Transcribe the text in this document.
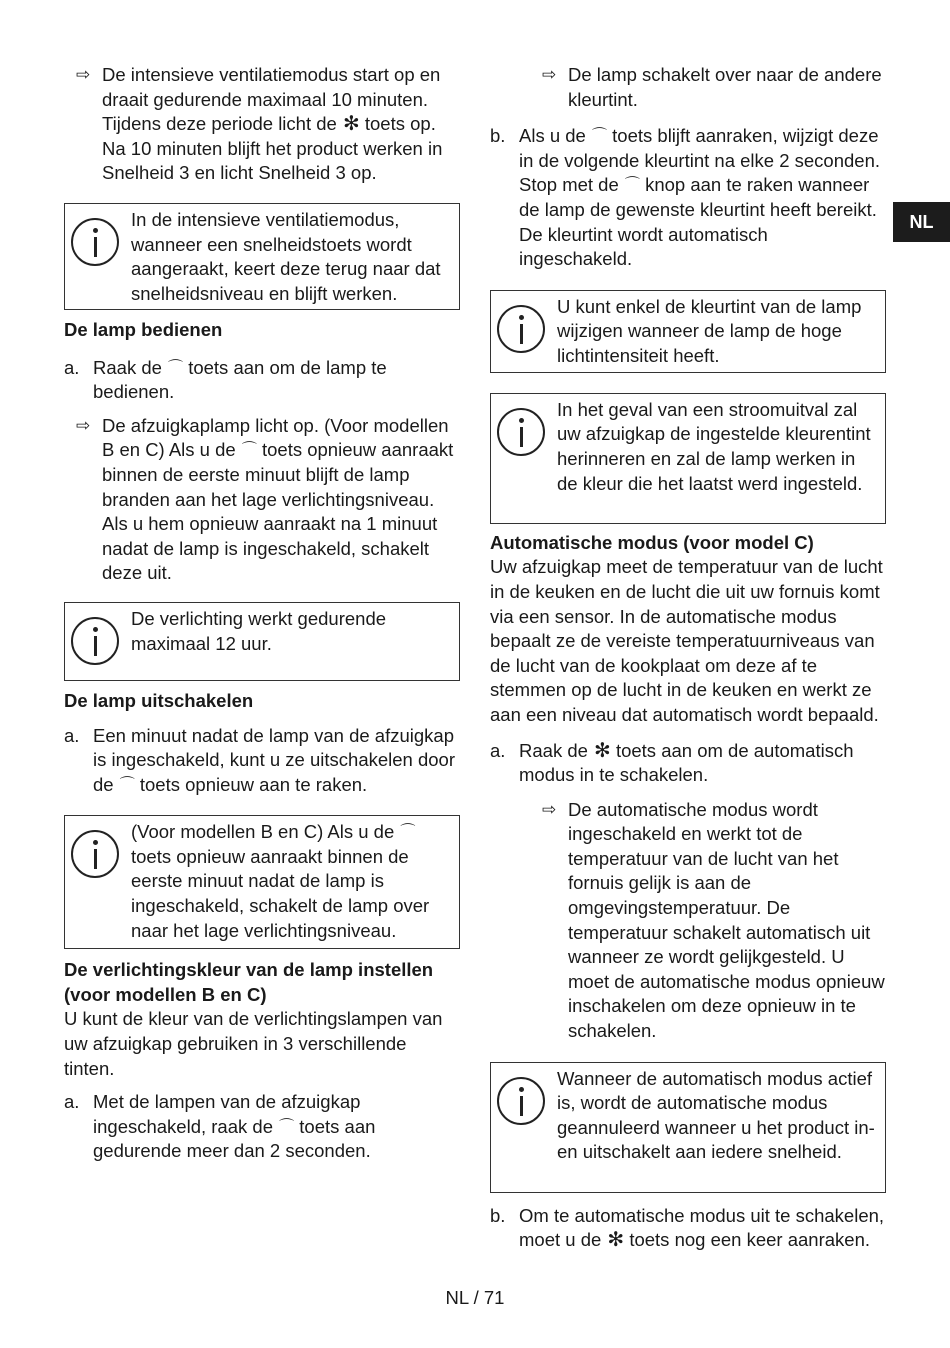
⇨ De intensieve ventilatiemodus start op en draait gedurende maximaal 10 minuten. Tijdens deze periode licht de ✻ toets op. Na 10 minuten blijft het product werken in Snelheid 3 en licht Snelheid 3 op.

In de intensieve ventilatiemodus, wanneer een snelheidstoets wordt aangeraakt, keert deze terug naar dat snelheidsniveau en blijft werken.

De lamp bedienen

a. Raak de ⌒ toets aan om de lamp te bedienen.

⇨ De afzuigkaplamp licht op. (Voor modellen B en C) Als u de ⌒ toets opnieuw aanraakt binnen de eerste minuut blijft de lamp branden aan het lage verlichtingsniveau. Als u hem opnieuw aanraakt na 1 minuut nadat de lamp is ingeschakeld, schakelt deze uit.

De verlichting werkt gedurende maximaal 12 uur.

De lamp uitschakelen

a. Een minuut nadat de lamp van de afzuigkap is ingeschakeld, kunt u ze uitschakelen door de ⌒ toets opnieuw aan te raken.

(Voor modellen B en C) Als u de ⌒ toets opnieuw aanraakt binnen de eerste minuut nadat de lamp is ingeschakeld, schakelt de lamp over naar het lage verlichtingsniveau.

De verlichtingskleur van de lamp instellen (voor modellen B en C)

U kunt de kleur van de verlichtingslampen van uw afzuigkap gebruiken in 3 verschillende tinten.

a. Met de lampen van de afzuigkap ingeschakeld, raak de ⌒ toets aan gedurende meer dan 2 seconden.

⇨ De lamp schakelt over naar de andere kleurtint.

b. Als u de ⌒ toets blijft aanraken, wijzigt deze in de volgende kleurtint na elke 2 seconden. Stop met de ⌒ knop aan te raken wanneer de lamp de gewenste kleurtint heeft bereikt. De kleurtint wordt automatisch ingeschakeld.

U kunt enkel de kleurtint van de lamp wijzigen wanneer de lamp de hoge lichtintensiteit heeft.
In het geval van een stroomuitval zal uw afzuigkap de ingestelde kleurentint herinneren en zal de lamp werken in de kleur die het laatst werd ingesteld.

Automatische modus (voor model C)

Uw afzuigkap meet de temperatuur van de lucht in de keuken en de lucht die uit uw fornuis komt via een sensor. In de automatische modus bepaalt ze de vereiste temperatuurniveaus van de lucht van de kookplaat om deze af te stemmen op de lucht in de keuken en werkt ze aan een niveau dat automatisch wordt bepaald.

a. Raak de ✻ toets aan om de automatisch modus in te schakelen.

⇨ De automatische modus wordt ingeschakeld en werkt tot de temperatuur van de lucht van het fornuis gelijk is aan de omgevingstemperatuur. De temperatuur schakelt automatisch uit wanneer ze wordt gelijkgesteld. U moet de automatische modus opnieuw inschakelen om deze opnieuw in te schakelen.

Wanneer de automatisch modus actief is, wordt de automatische modus geannuleerd wanneer u het product in- en uitschakelt aan iedere snelheid.

b. Om te automatische modus uit te schakelen, moet u de ✻ toets nog een keer aanraken.

NL
NL / 71
